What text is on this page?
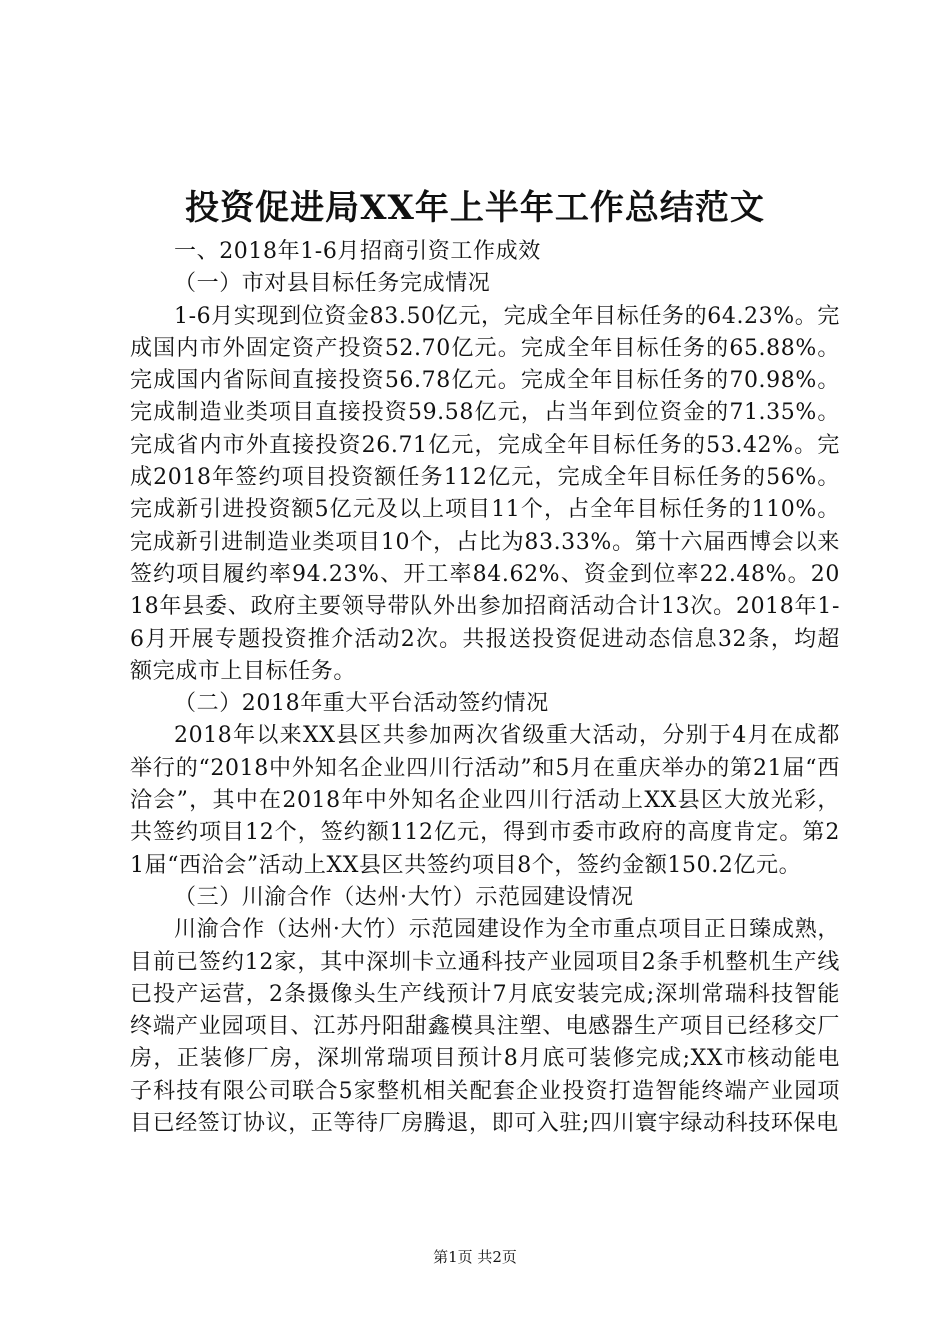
投资促进局XX年上半年工作总结范文

一、2018年1-6月招商引资工作成效

（一）市对县目标任务完成情况

1-6月实现到位资金83.50亿元，完成全年目标任务的64.23%。完成国内市外固定资产投资52.70亿元。完成全年目标任务的65.88%。完成国内省际间直接投资56.78亿元。完成全年目标任务的70.98%。完成制造业类项目直接投资59.58亿元，占当年到位资金的71.35%。完成省内市外直接投资26.71亿元，完成全年目标任务的53.42%。完成2018年签约项目投资额任务112亿元，完成全年目标任务的56%。完成新引进投资额5亿元及以上项目11个，占全年目标任务的110%。完成新引进制造业类项目10个，占比为83.33%。第十六届西博会以来签约项目履约率94.23%、开工率84.62%、资金到位率22.48%。2018年县委、政府主要领导带队外出参加招商活动合计13次。2018年1-6月开展专题投资推介活动2次。共报送投资促进动态信息32条，均超额完成市上目标任务。

（二）2018年重大平台活动签约情况

2018年以来XX县区共参加两次省级重大活动，分别于4月在成都举行的“2018中外知名企业四川行活动”和5月在重庆举办的第21届“西洽会”，其中在2018年中外知名企业四川行活动上XX县区大放光彩，共签约项目12个，签约额112亿元，得到市委市政府的高度肯定。第21届“西洽会”活动上XX县区共签约项目8个，签约金额150.2亿元。

（三）川渝合作（达州·大竹）示范园建设情况

川渝合作（达州·大竹）示范园建设作为全市重点项目正日臻成熟，目前已签约12家，其中深圳卡立通科技产业园项目2条手机整机生产线已投产运营，2条摄像头生产线预计7月底安装完成;深圳常瑞科技智能终端产业园项目、江苏丹阳甜鑫模具注塑、电感器生产项目已经移交厂房，正装修厂房，深圳常瑞项目预计8月底可装修完成;XX市核动能电子科技有限公司联合5家整机相关配套企业投资打造智能终端产业园项目已经签订协议，正等待厂房腾退，即可入驻;四川寰宇绿动科技环保电

第1页 共2页
